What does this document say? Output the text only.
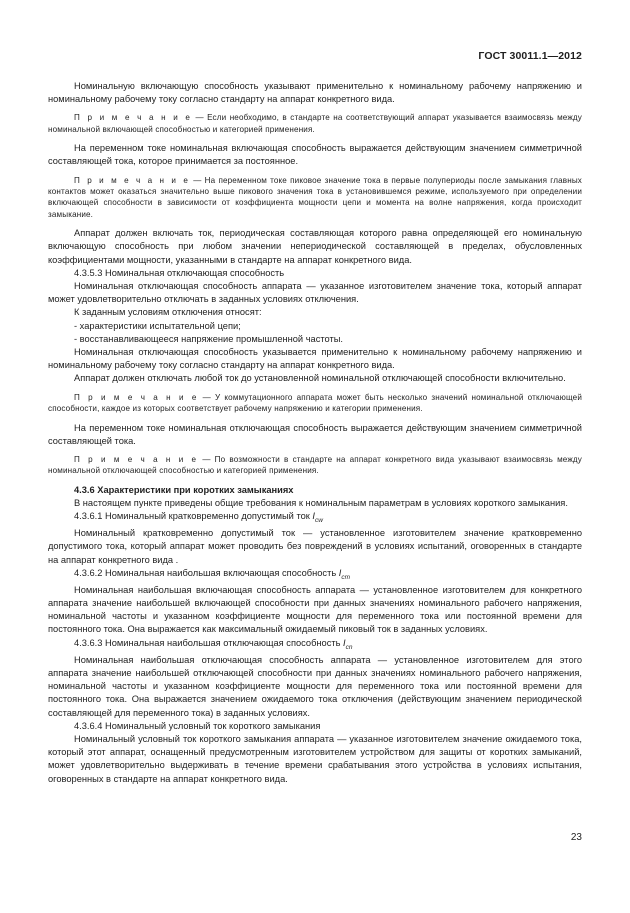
ГОСТ 30011.1—2012

Номинальную включающую способность указывают применительно к номинальному рабочему напряжению и номинальному рабочему току согласно стандарту на аппарат конкретного вида.

П р и м е ч а н и е — Если необходимо, в стандарте на соответствующий аппарат указывается взаимосвязь между номинальной включающей способностью и категорией применения.

На переменном токе номинальная включающая способность выражается действующим значением симметричной составляющей тока, которое принимается за постоянное.

П р и м е ч а н и е — На переменном токе пиковое значение тока в первые полупериоды после замыкания главных контактов может оказаться значительно выше пикового значения тока в установившемся режиме, используемого при определении включающей способности в зависимости от коэффициента мощности цепи и момента на волне напряжения, когда происходит замыкание.

Аппарат должен включать ток, периодическая составляющая которого равна определяющей его номинальную включающую способность при любом значении непериодической составляющей в пределах, обусловленных коэффициентами мощности, указанными в стандарте на аппарат конкретного вида.

4.3.5.3 Номинальная отключающая способность

Номинальная отключающая способность аппарата — указанное изготовителем значение тока, который аппарат может удовлетворительно отключать в заданных условиях отключения.

К заданным условиям отключения относят:

- характеристики испытательной цепи;

- восстанавливающееся напряжение промышленной частоты.

Номинальная отключающая способность указывается применительно к номинальному рабочему напряжению и номинальному рабочему току согласно стандарту на аппарат конкретного вида.

Аппарат должен отключать любой ток до установленной номинальной отключающей способности включительно.

П р и м е ч а н и е — У коммутационного аппарата может быть несколько значений номинальной отключающей способности, каждое из которых соответствует рабочему напряжению и категории применения.

На переменном токе номинальная отключающая способность выражается действующим значением симметричной составляющей тока.

П р и м е ч а н и е — По возможности в стандарте на аппарат конкретного вида указывают взаимосвязь между номинальной отключающей способностью и категорией применения.

4.3.6 Характеристики при коротких замыканиях

В настоящем пункте приведены общие требования к номинальным параметрам в условиях короткого замыкания.

4.3.6.1 Номинальный кратковременно допустимый ток $I_{cw}$

Номинальный кратковременно допустимый ток — установленное изготовителем значение кратковременно допустимого тока, который аппарат может проводить без повреждений в условиях испытаний, оговоренных в стандарте на аппарат конкретного вида .

4.3.6.2 Номинальная наибольшая включающая способность $I_{cm}$

Номинальная наибольшая включающая способность аппарата — установленное изготовителем для конкретного аппарата значение наибольшей включающей способности при данных значениях номинального рабочего напряжения, номинальной частоты и указанном коэффициенте мощности для переменного тока или постоянной времени для постоянного тока. Она выражается как максимальный ожидаемый пиковый ток в заданных условиях.

4.3.6.3 Номинальная наибольшая отключающая способность $I_{cn}$

Номинальная наибольшая отключающая способность аппарата — установленное изготовителем для этого аппарата значение наибольшей отключающей способности при данных значениях номинального рабочего напряжения, номинальной частоты и указанном коэффициенте мощности для переменного тока или постоянной времени для постоянного тока. Она выражается значением ожидаемого тока отключения (действующим значением периодической составляющей для переменного тока) в заданных условиях.

4.3.6.4 Номинальный условный ток короткого замыкания

Номинальный условный ток короткого замыкания аппарата — указанное изготовителем значение ожидаемого тока, который этот аппарат, оснащенный предусмотренным изготовителем устройством для защиты от коротких замыканий, может удовлетворительно выдерживать в течение времени срабатывания этого устройства в условиях испытания, оговоренных в стандарте на аппарат конкретного вида.

23
